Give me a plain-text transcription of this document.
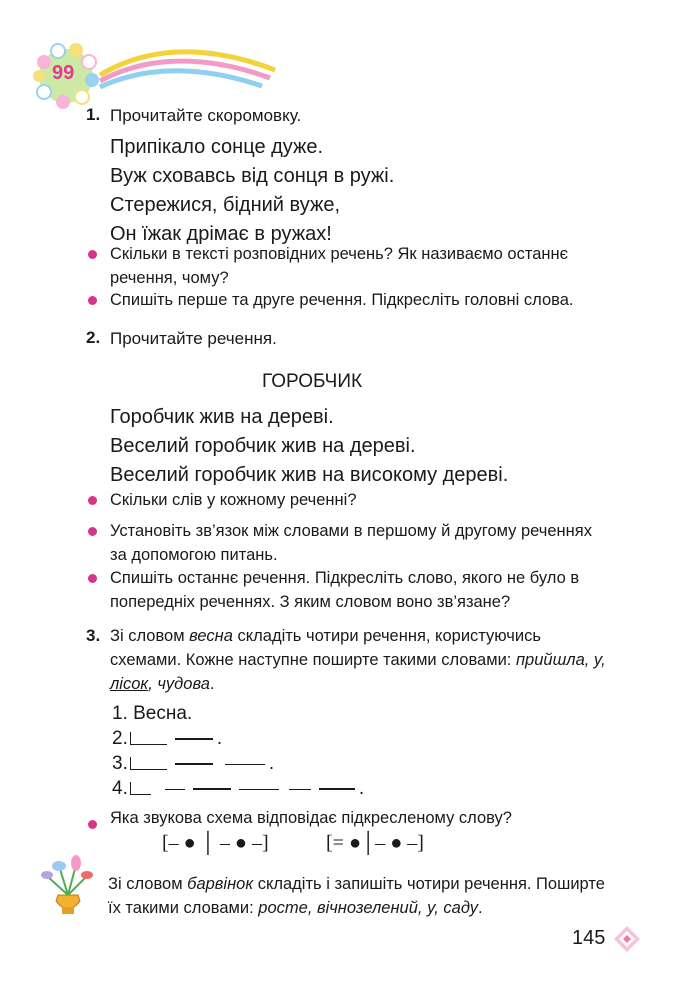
99
1. Прочитайте скоромовку.
Припікало сонце дуже.
Вуж сховавсь від сонця в ружі.
Стережися, бідний вуже,
Он їжак дрімає в ружах!
Скільки в тексті розповідних речень? Як називаємо останнє речення, чому?
Спишіть перше та друге речення. Підкресліть головні слова.
2. Прочитайте речення.
ГОРОБЧИК
Горобчик жив на дереві.
Веселий горобчик жив на дереві.
Веселий горобчик жив на високому дереві.
Скільки слів у кожному реченні?
Установіть зв’язок між словами в першому й другому реченнях за допомогою питань.
Спишіть останнє речення. Підкресліть слово, якого не було в попередніх реченнях. З яким словом воно зв’язане?
3. Зі словом весна складіть чотири речення, користуючись схемами. Кожне наступне поширте такими словами: прийшла, у, лісок, чудова.
1. Весна.
2.	.
3.	.
4.	.
Яка звукова схема відповідає підкресленому слову?
[– ● │ – ● –]	[= ●│– ● –]
Зі словом барвінок складіть і запишіть чотири речення. Поширте їх такими словами: росте, вічнозелений, у, саду.
145
